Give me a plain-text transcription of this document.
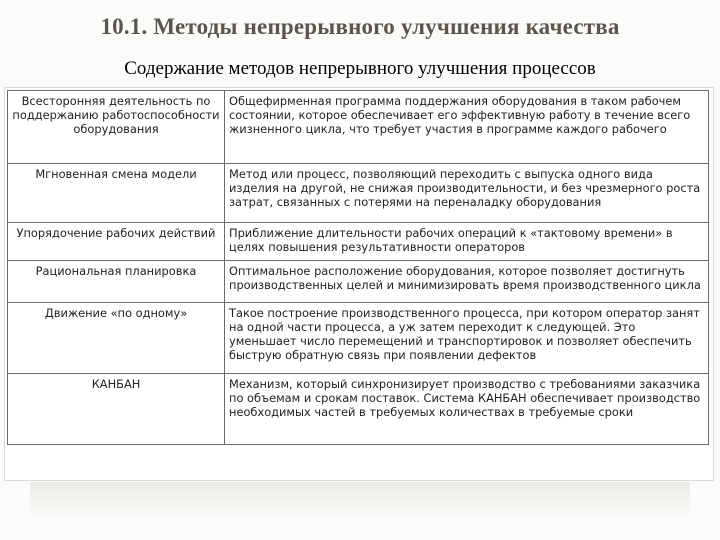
10.1. Методы непрерывного улучшения качества
Содержание методов непрерывного улучшения процессов
Всесторонняя деятельность по поддержанию работоспособности оборудования	Общефирменная программа поддержания оборудования в таком рабочем состоянии, которое обеспечивает его эффективную работу в течение всего жизненного цикла, что требует участия в программе каждого рабочего
Мгновенная смена модели	Метод или процесс, позволяющий переходить с выпуска одного вида изделия на другой, не снижая производительности, и без чрезмерного роста затрат, связанных с потерями на переналадку оборудования
Упорядочение рабочих действий	Приближение длительности рабочих операций к «тактовому времени» в целях повышения результативности операторов
Рациональная планировка	Оптимальное расположение оборудования, которое позволяет достигнуть производственных целей и минимизировать время производственного цикла
Движение «по одному»	Такое построение производственного процесса, при котором оператор занят на одной части процесса, а уж затем переходит к следующей. Это уменьшает число перемещений и транспортировок и позволяет обеспечить быструю обратную связь при появлении дефектов
КАНБАН	Механизм, который синхронизирует производство с требованиями заказчика по объемам и срокам поставок. Система КАНБАН обеспечивает производство необходимых частей в требуемых количествах в требуемые сроки
